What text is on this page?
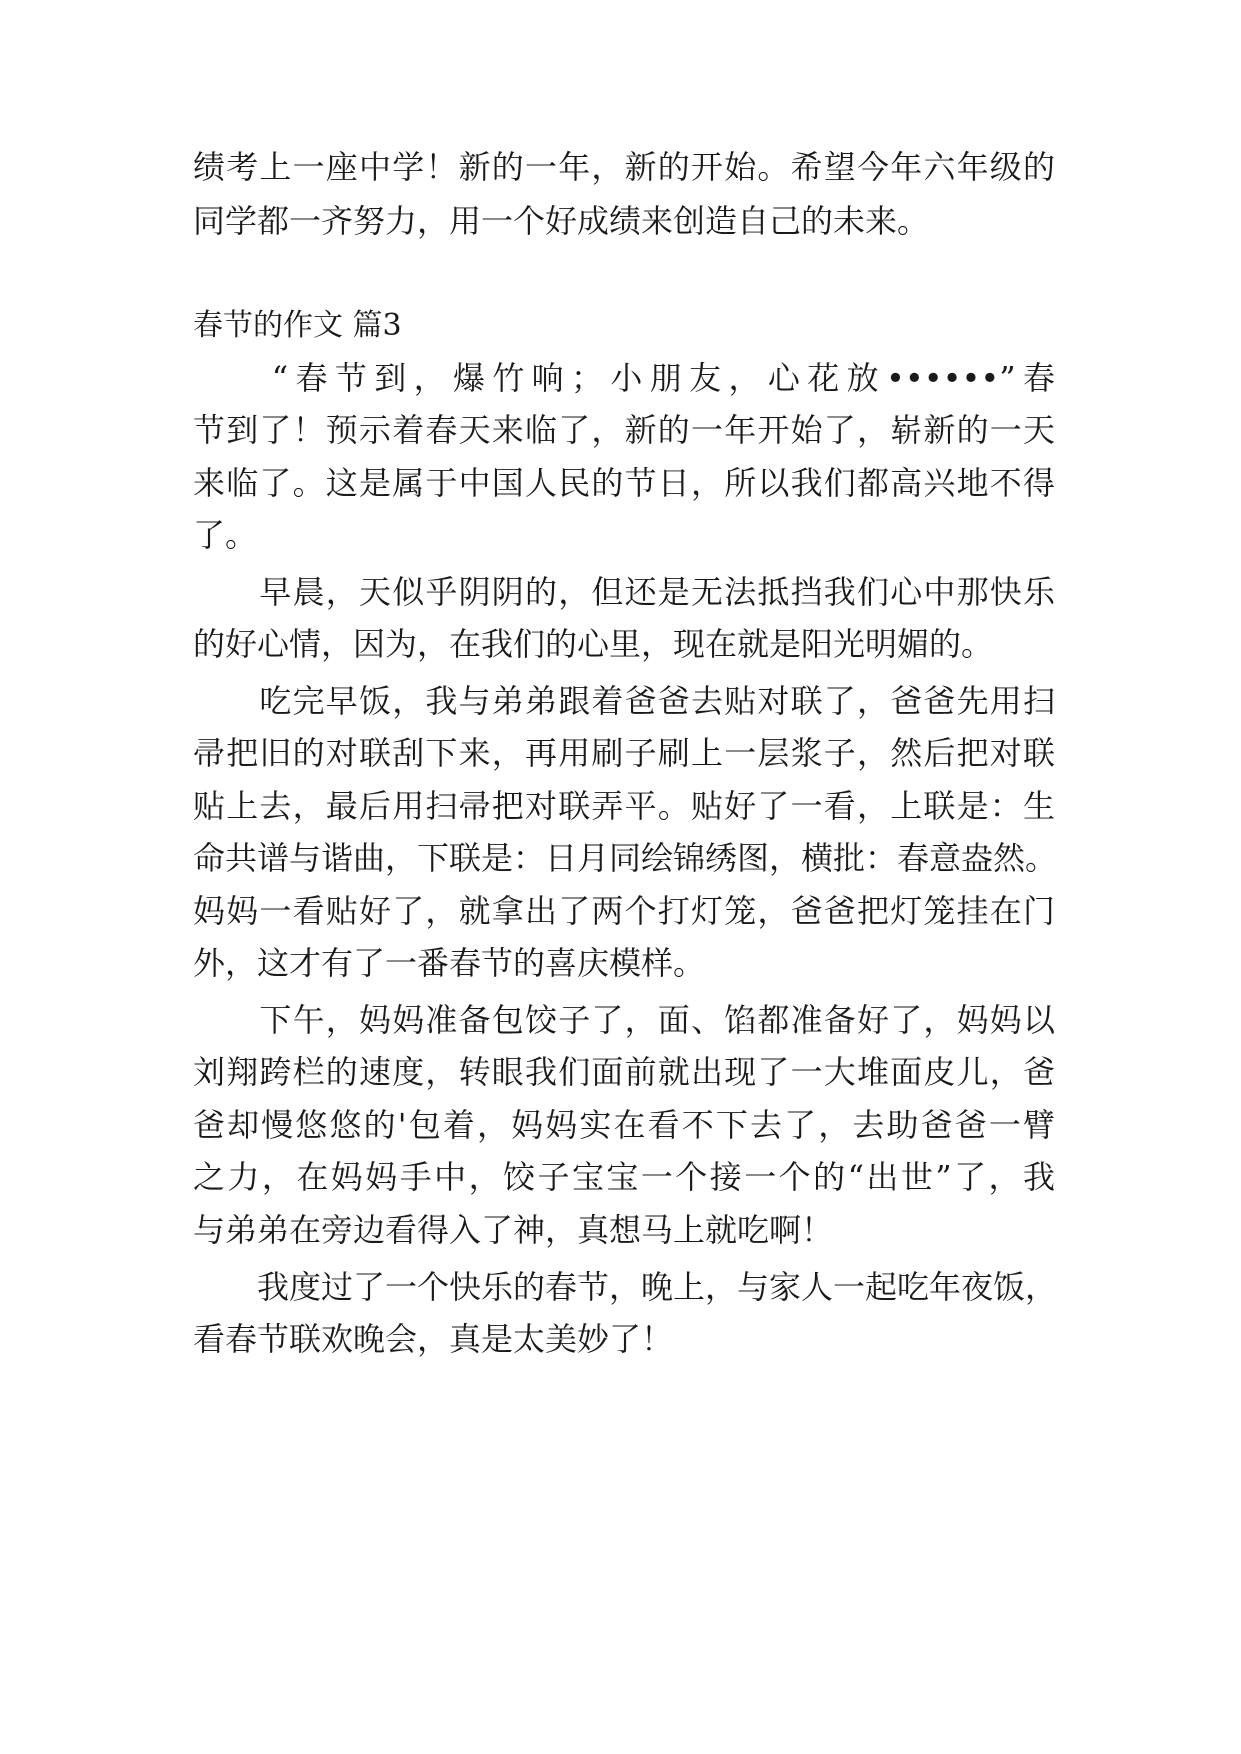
绩考上一座中学！新的一年，新的开始。希望今年六年级的
同学都一齐努力，用一个好成绩来创造自己的未来。
春节的作文 篇3
　　“春节到，爆竹响；小朋友，心花放••••••”春
节到了！预示着春天来临了，新的一年开始了，崭新的一天
来临了。这是属于中国人民的节日，所以我们都高兴地不得
了。
　　早晨，天似乎阴阴的，但还是无法抵挡我们心中那快乐
的好心情，因为，在我们的心里，现在就是阳光明媚的。
　　吃完早饭，我与弟弟跟着爸爸去贴对联了，爸爸先用扫
帚把旧的对联刮下来，再用刷子刷上一层浆子，然后把对联
贴上去，最后用扫帚把对联弄平。贴好了一看，上联是：生
命共谱与谐曲，下联是：日月同绘锦绣图，横批：春意盎然。
妈妈一看贴好了，就拿出了两个打灯笼，爸爸把灯笼挂在门
外，这才有了一番春节的喜庆模样。
　　下午，妈妈准备包饺子了，面、馅都准备好了，妈妈以
刘翔跨栏的速度，转眼我们面前就出现了一大堆面皮儿，爸
爸却慢悠悠的'包着，妈妈实在看不下去了，去助爸爸一臂
之力，在妈妈手中，饺子宝宝一个接一个的“出世”了，我
与弟弟在旁边看得入了神，真想马上就吃啊！
　　我度过了一个快乐的春节，晚上，与家人一起吃年夜饭，
看春节联欢晚会，真是太美妙了！
